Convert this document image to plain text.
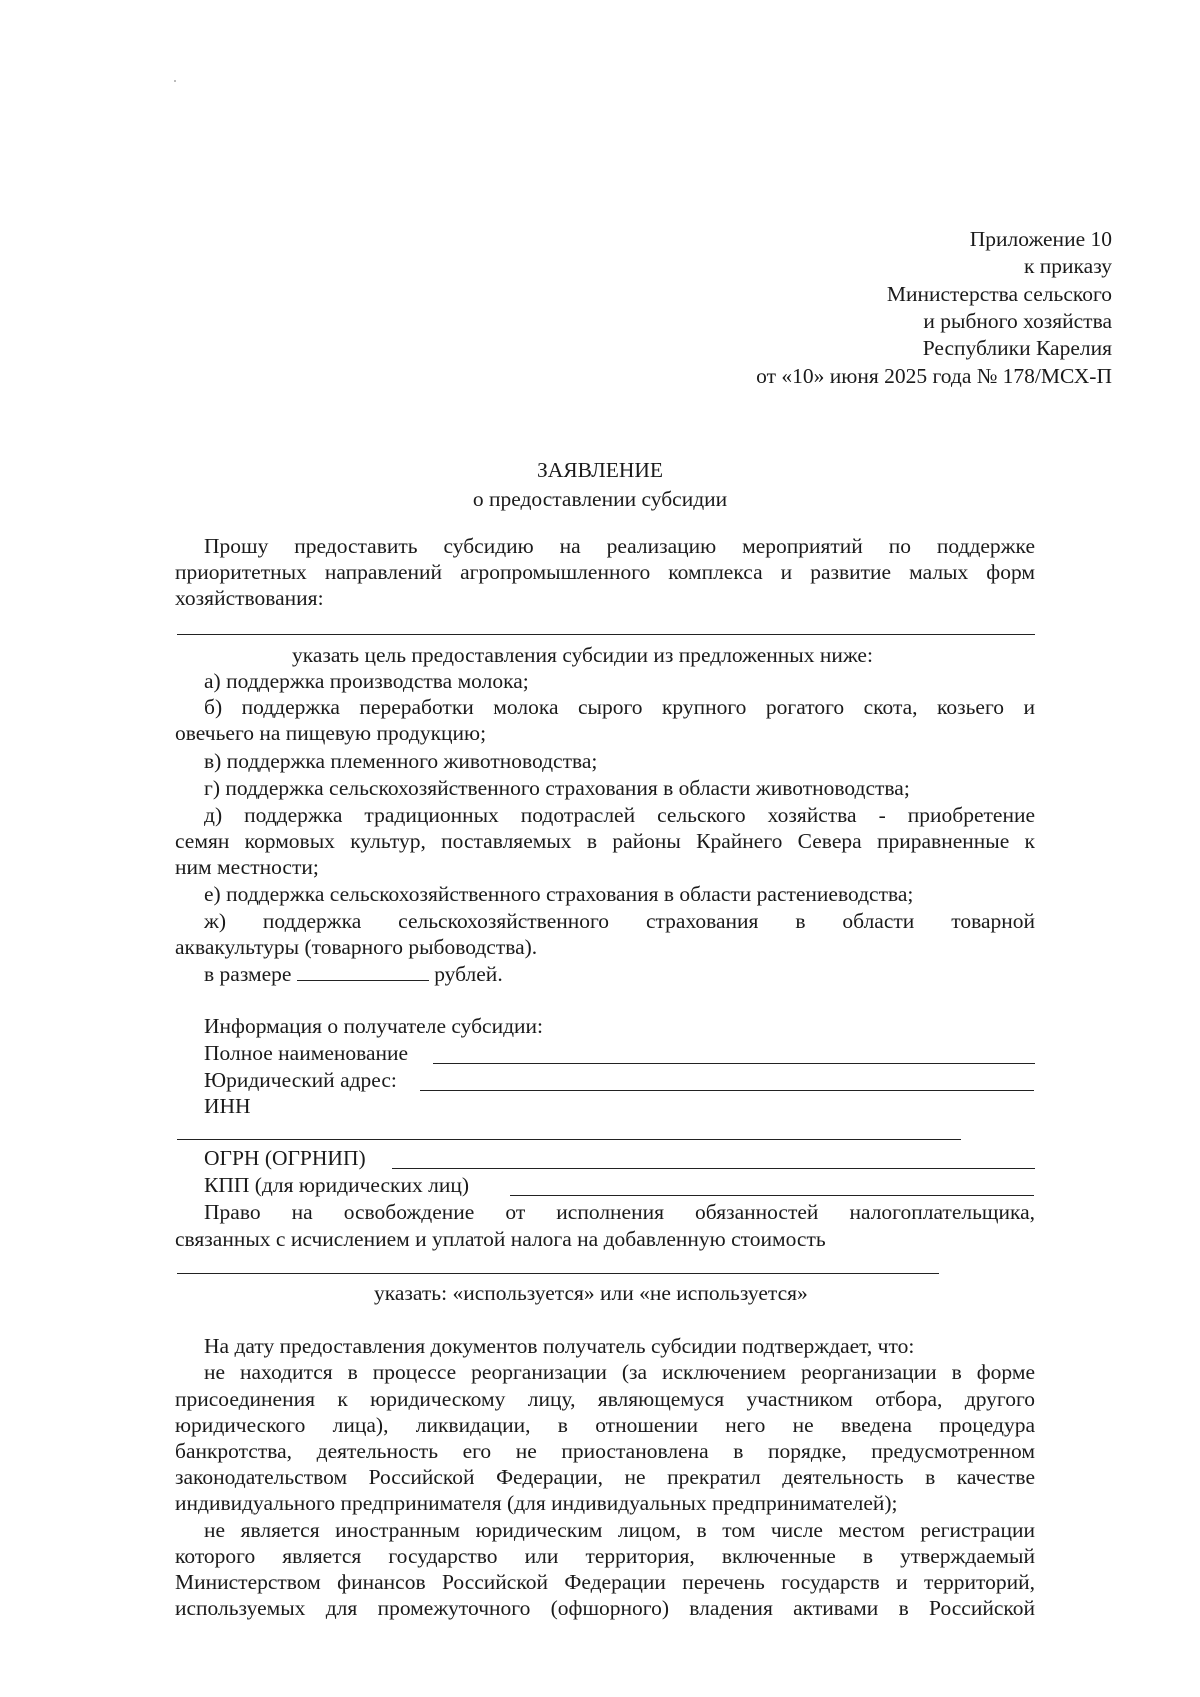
Приложение 10
к приказу
Министерства сельского
и рыбного хозяйства
Республики Карелия
от «10» июня 2025 года № 178/МСХ-П
ЗАЯВЛЕНИЕ
о предоставлении субсидии
Прошу предоставить субсидию на реализацию мероприятий по поддержке
приоритетных направлений агропромышленного комплекса и развитие малых форм
хозяйствования:
указать цель предоставления субсидии из предложенных ниже:
а) поддержка производства молока;
б) поддержка переработки молока сырого крупного рогатого скота, козьего и
овечьего на пищевую продукцию;
в) поддержка племенного животноводства;
г) поддержка сельскохозяйственного страхования в области животноводства;
д) поддержка традиционных подотраслей сельского хозяйства - приобретение
семян кормовых культур, поставляемых в районы Крайнего Севера приравненные к
ним местности;
е) поддержка сельскохозяйственного страхования в области растениеводства;
ж) поддержка сельскохозяйственного страхования в области товарной
аквакультуры (товарного рыбоводства).
в размере	рублей.
Информация о получателе субсидии:
Полное наименование
Юридический адрес:
ИНН
ОГРН (ОГРНИП)
КПП (для юридических лиц)
Право на освобождение от исполнения обязанностей налогоплательщика,
связанных с исчислением и уплатой налога на добавленную стоимость
указать: «используется» или «не используется»
На дату предоставления документов получатель субсидии подтверждает, что:
не находится в процессе реорганизации (за исключением реорганизации в форме
присоединения к юридическому лицу, являющемуся участником отбора, другого
юридического лица), ликвидации, в отношении него не введена процедура
банкротства, деятельность его не приостановлена в порядке, предусмотренном
законодательством Российской Федерации, не прекратил деятельность в качестве
индивидуального предпринимателя (для индивидуальных предпринимателей);
не является иностранным юридическим лицом, в том числе местом регистрации
которого является государство или территория, включенные в утверждаемый
Министерством финансов Российской Федерации перечень государств и территорий,
используемых для промежуточного (офшорного) владения активами в Российской
